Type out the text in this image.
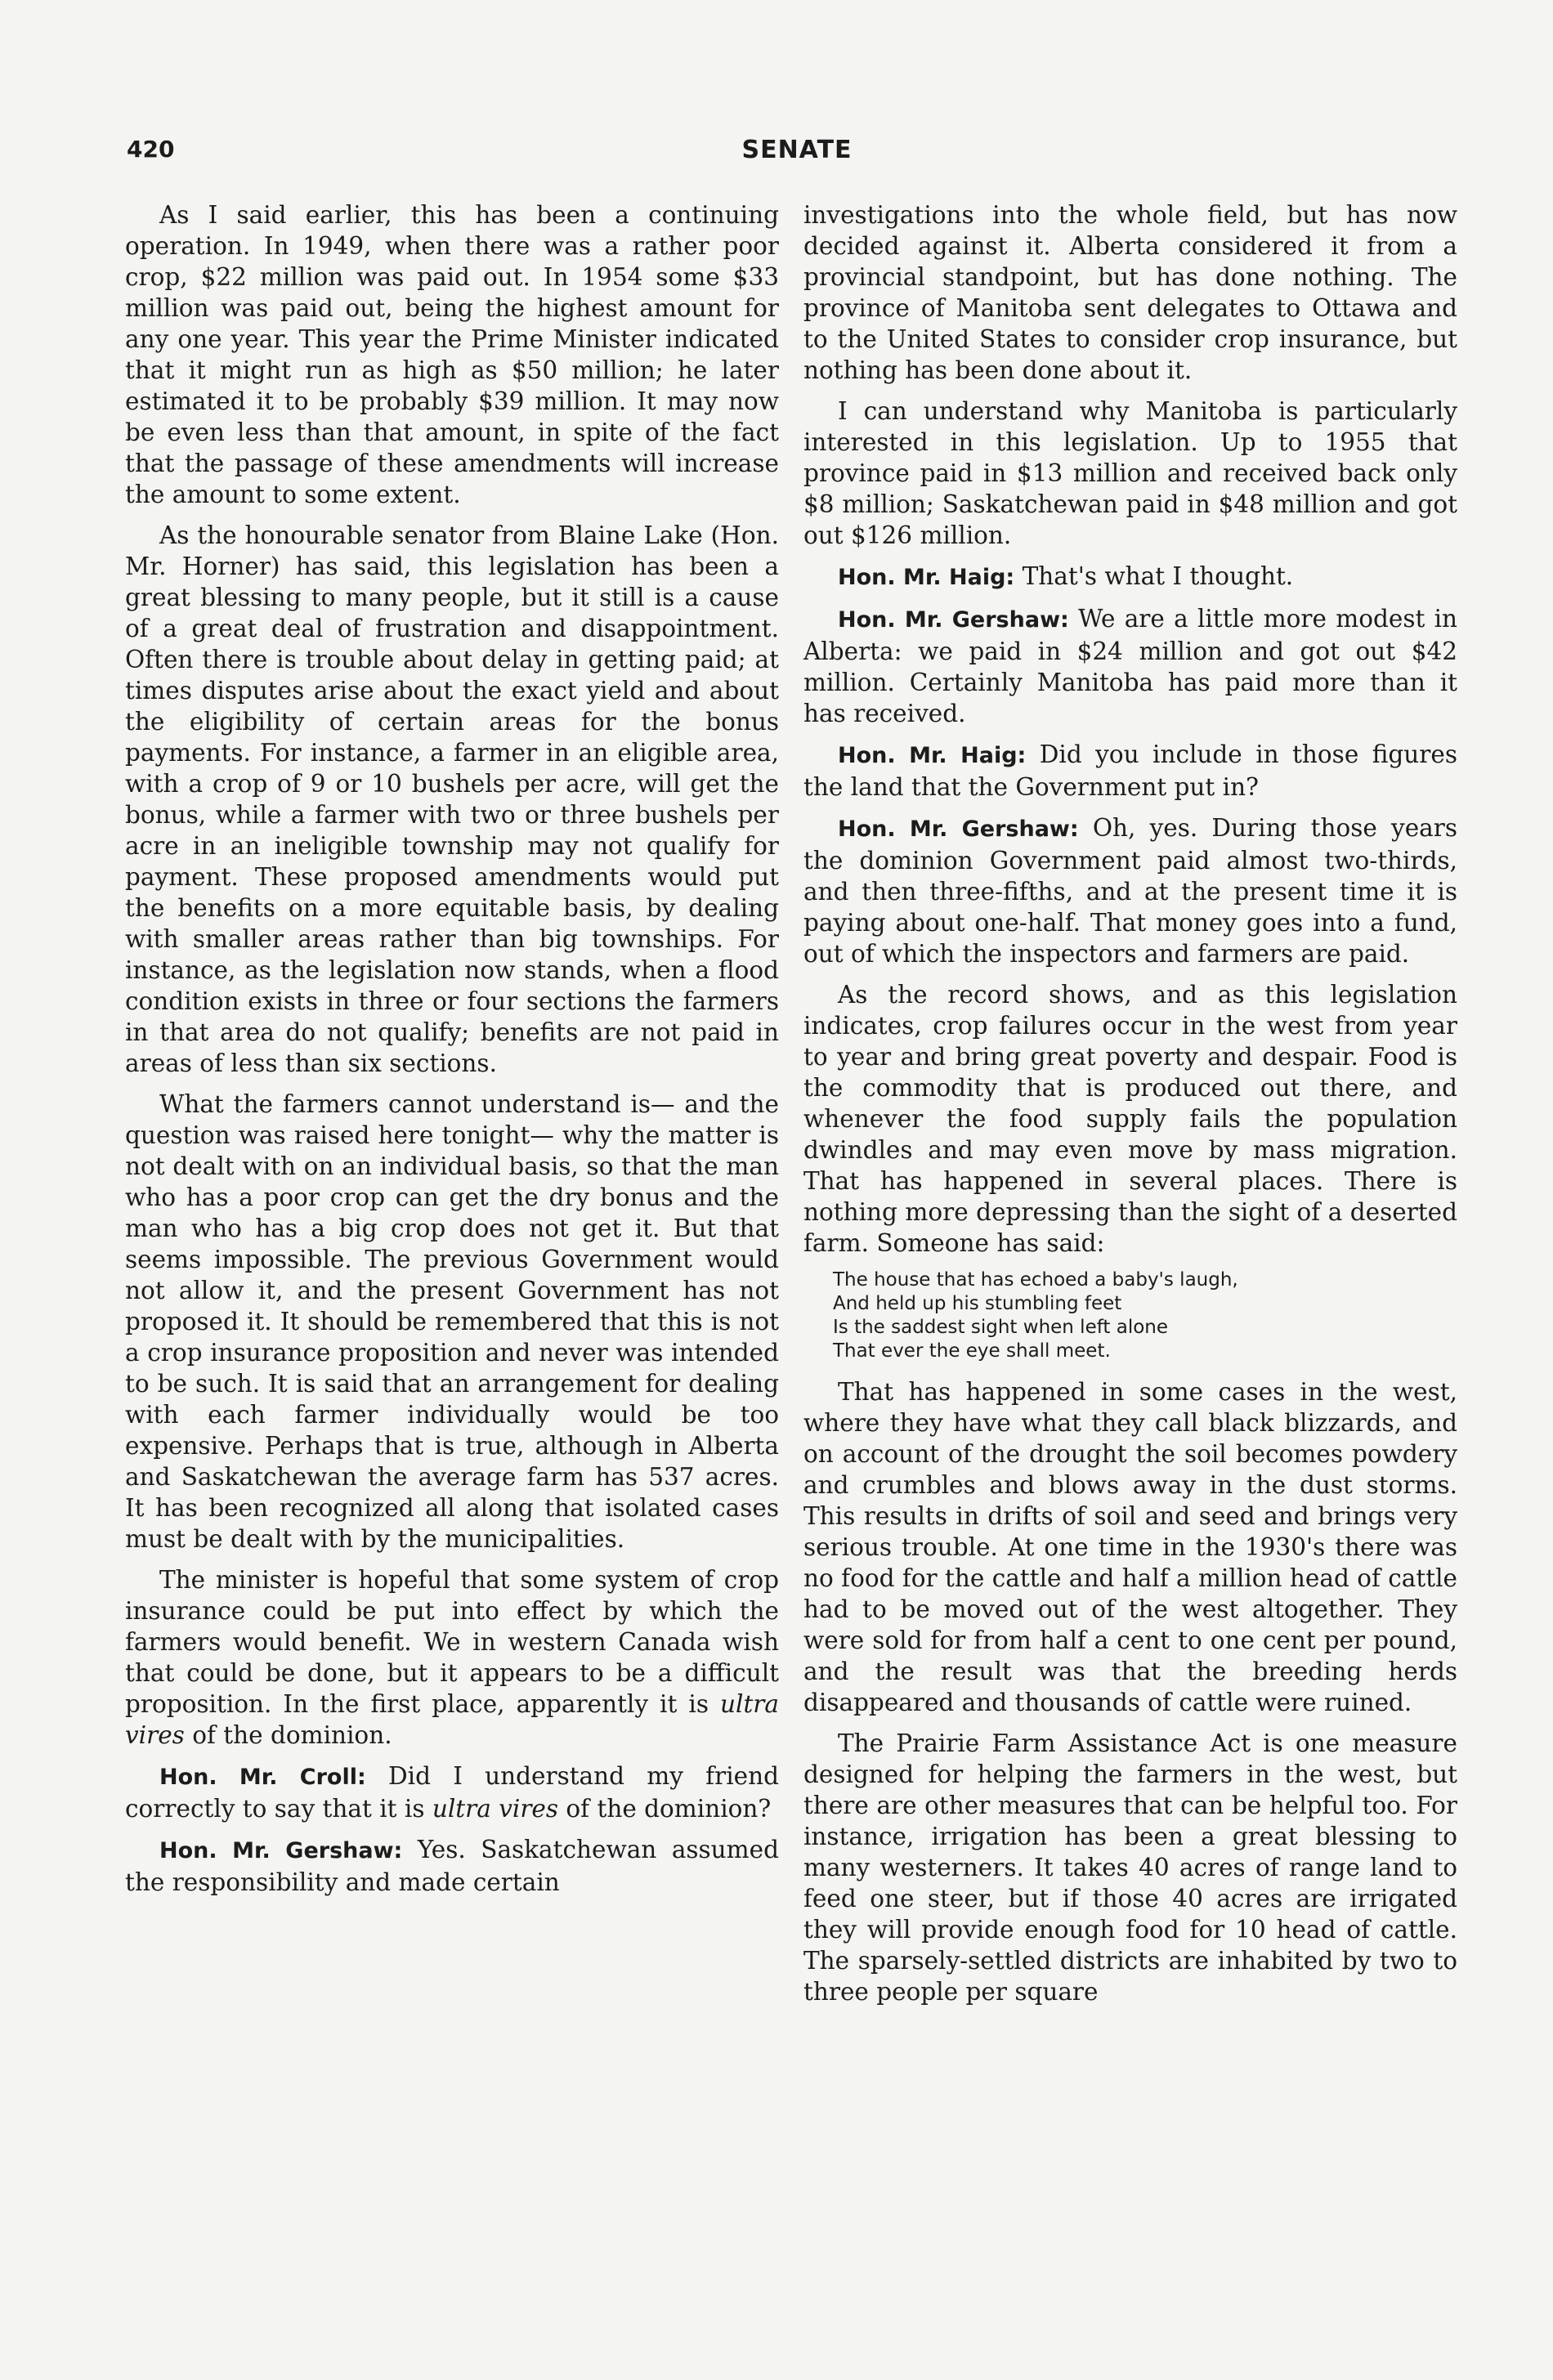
420	SENATE

As I said earlier, this has been a continuing operation. In 1949, when there was a rather poor crop, $22 million was paid out. In 1954 some $33 million was paid out, being the highest amount for any one year. This year the Prime Minister indicated that it might run as high as $50 million; he later estimated it to be probably $39 million. It may now be even less than that amount, in spite of the fact that the passage of these amendments will increase the amount to some extent.

As the honourable senator from Blaine Lake (Hon. Mr. Horner) has said, this legislation has been a great blessing to many people, but it still is a cause of a great deal of frustration and disappointment. Often there is trouble about delay in getting paid; at times disputes arise about the exact yield and about the eligibility of certain areas for the bonus payments. For instance, a farmer in an eligible area, with a crop of 9 or 10 bushels per acre, will get the bonus, while a farmer with two or three bushels per acre in an ineligible township may not qualify for payment. These proposed amendments would put the benefits on a more equitable basis, by dealing with smaller areas rather than big townships. For instance, as the legislation now stands, when a flood condition exists in three or four sections the farmers in that area do not qualify; benefits are not paid in areas of less than six sections.

What the farmers cannot understand is— and the question was raised here tonight— why the matter is not dealt with on an individual basis, so that the man who has a poor crop can get the dry bonus and the man who has a big crop does not get it. But that seems impossible. The previous Government would not allow it, and the present Government has not proposed it. It should be remembered that this is not a crop insurance proposition and never was intended to be such. It is said that an arrangement for dealing with each farmer individually would be too expensive. Perhaps that is true, although in Alberta and Saskatchewan the average farm has 537 acres. It has been recognized all along that isolated cases must be dealt with by the municipalities.

The minister is hopeful that some system of crop insurance could be put into effect by which the farmers would benefit. We in western Canada wish that could be done, but it appears to be a difficult proposition. In the first place, apparently it is ultra vires of the dominion.

Hon. Mr. Croll: Did I understand my friend correctly to say that it is ultra vires of the dominion?

Hon. Mr. Gershaw: Yes. Saskatchewan assumed the responsibility and made certain

investigations into the whole field, but has now decided against it. Alberta considered it from a provincial standpoint, but has done nothing. The province of Manitoba sent delegates to Ottawa and to the United States to consider crop insurance, but nothing has been done about it.

I can understand why Manitoba is particularly interested in this legislation. Up to 1955 that province paid in $13 million and received back only $8 million; Saskatchewan paid in $48 million and got out $126 million.

Hon. Mr. Haig: That's what I thought.

Hon. Mr. Gershaw: We are a little more modest in Alberta: we paid in $24 million and got out $42 million. Certainly Manitoba has paid more than it has received.

Hon. Mr. Haig: Did you include in those figures the land that the Government put in?

Hon. Mr. Gershaw: Oh, yes. During those years the dominion Government paid almost two-thirds, and then three-fifths, and at the present time it is paying about one-half. That money goes into a fund, out of which the inspectors and farmers are paid.

As the record shows, and as this legislation indicates, crop failures occur in the west from year to year and bring great poverty and despair. Food is the commodity that is produced out there, and whenever the food supply fails the population dwindles and may even move by mass migration. That has happened in several places. There is nothing more depressing than the sight of a deserted farm. Someone has said:

The house that has echoed a baby's laugh,
And held up his stumbling feet
Is the saddest sight when left alone
That ever the eye shall meet.

That has happened in some cases in the west, where they have what they call black blizzards, and on account of the drought the soil becomes powdery and crumbles and blows away in the dust storms. This results in drifts of soil and seed and brings very serious trouble. At one time in the 1930's there was no food for the cattle and half a million head of cattle had to be moved out of the west altogether. They were sold for from half a cent to one cent per pound, and the result was that the breeding herds disappeared and thousands of cattle were ruined.

The Prairie Farm Assistance Act is one measure designed for helping the farmers in the west, but there are other measures that can be helpful too. For instance, irrigation has been a great blessing to many westerners. It takes 40 acres of range land to feed one steer, but if those 40 acres are irrigated they will provide enough food for 10 head of cattle. The sparsely-settled districts are inhabited by two to three people per square
